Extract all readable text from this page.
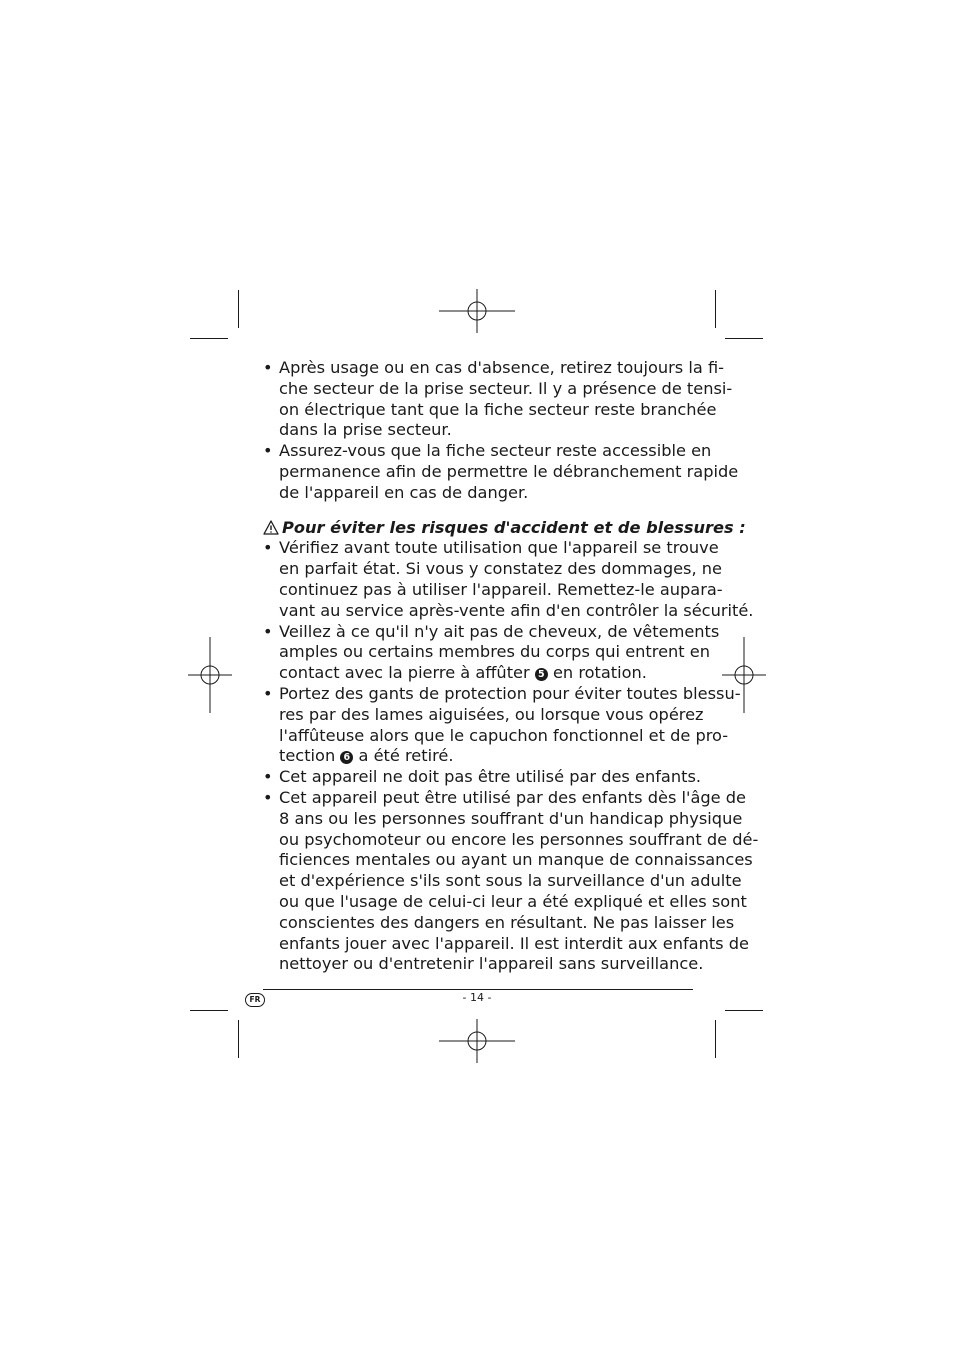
• Après usage ou en cas d'absence, retirez toujours la fi-
che secteur de la prise secteur. Il y a présence de tensi-
on électrique tant que la fiche secteur reste branchée
dans la prise secteur.
• Assurez-vous que la fiche secteur reste accessible en
permanence afin de permettre le débranchement rapide
de l'appareil en cas de danger.
Pour éviter les risques d'accident et de blessures :
• Vérifiez avant toute utilisation que l'appareil se trouve
en parfait état. Si vous y constatez des dommages, ne
continuez pas à utiliser l'appareil. Remettez-le aupara-
vant au service après-vente afin d'en contrôler la sécurité.
• Veillez à ce qu'il n'y ait pas de cheveux, de vêtements
amples ou certains membres du corps qui entrent en
contact avec la pierre à affûter 5 en rotation.
• Portez des gants de protection pour éviter toutes blessu-
res par des lames aiguisées, ou lorsque vous opérez
l'affûteuse alors que le capuchon fonctionnel et de pro-
tection 6 a été retiré.
• Cet appareil ne doit pas être utilisé par des enfants.
• Cet appareil peut être utilisé par des enfants dès l'âge de
8 ans ou les personnes souffrant d'un handicap physique
ou psychomoteur ou encore les personnes souffrant de dé-
ficiences mentales ou ayant un manque de connaissances
et d'expérience s'ils sont sous la surveillance d'un adulte
ou que l'usage de celui-ci leur a été expliqué et elles sont
conscientes des dangers en résultant. Ne pas laisser les
enfants jouer avec l'appareil. Il est interdit aux enfants de
nettoyer ou d'entretenir l'appareil sans surveillance.
FR	- 14 -
